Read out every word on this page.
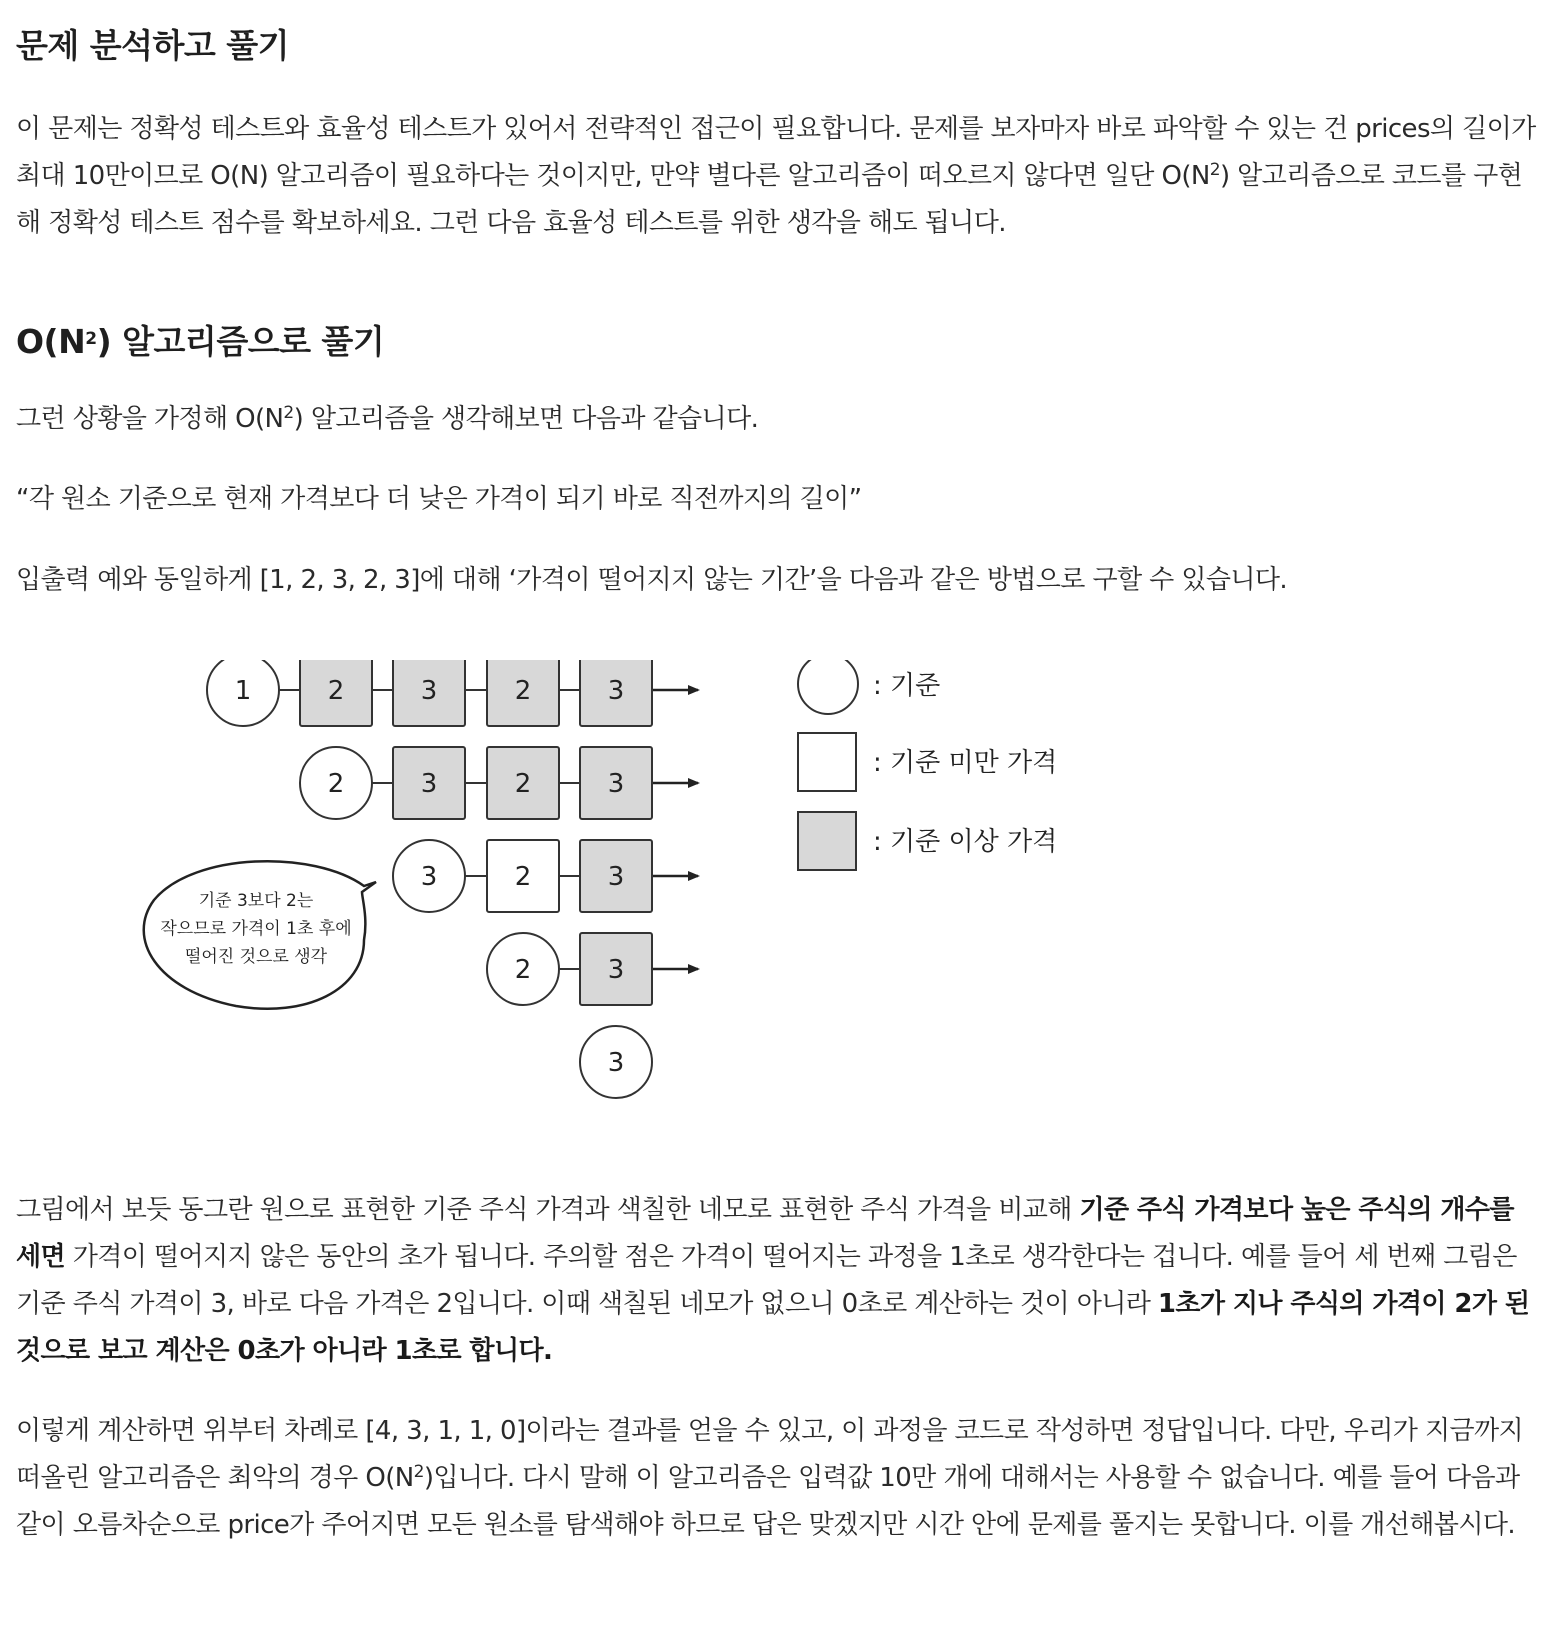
문제 분석하고 풀기

이 문제는 정확성 테스트와 효율성 테스트가 있어서 전략적인 접근이 필요합니다. 문제를 보자마자 바로 파악할 수 있는 건 prices의 길이가 최대 10만이므로 O(N) 알고리즘이 필요하다는 것이지만, 만약 별다른 알고리즘이 떠오르지 않다면 일단 $O(N^2)$ 알고리즘으로 코드를 구현해 정확성 테스트 점수를 확보하세요. 그런 다음 효율성 테스트를 위한 생각을 해도 됩니다.

$O(N^2)$ 알고리즘으로 풀기

그런 상황을 가정해 $O(N^2)$ 알고리즘을 생각해보면 다음과 같습니다.

“각 원소 기준으로 현재 가격보다 더 낮은 가격이 되기 바로 직전까지의 길이”

입출력 예와 동일하게 [1, 2, 3, 2, 3]에 대해 ‘가격이 떨어지지 않는 기간’을 다음과 같은 방법으로 구할 수 있습니다.

1	2	3	2	3
2	3	2	3
3	2	3
2	3
3
기준 3보다 2는
작으므로 가격이 1초 후에
떨어진 것으로 생각
: 기준
: 기준 미만 가격
: 기준 이상 가격

그림에서 보듯 동그란 원으로 표현한 기준 주식 가격과 색칠한 네모로 표현한 주식 가격을 비교해 기준 주식 가격보다 높은 주식의 개수를 세면 가격이 떨어지지 않은 동안의 초가 됩니다. 주의할 점은 가격이 떨어지는 과정을 1초로 생각한다는 겁니다. 예를 들어 세 번째 그림은 기준 주식 가격이 3, 바로 다음 가격은 2입니다. 이때 색칠된 네모가 없으니 0초로 계산하는 것이 아니라 1초가 지나 주식의 가격이 2가 된 것으로 보고 계산은 0초가 아니라 1초로 합니다.

이렇게 계산하면 위부터 차례로 [4, 3, 1, 1, 0]이라는 결과를 얻을 수 있고, 이 과정을 코드로 작성하면 정답입니다. 다만, 우리가 지금까지 떠올린 알고리즘은 최악의 경우 $O(N^2)$입니다. 다시 말해 이 알고리즘은 입력값 10만 개에 대해서는 사용할 수 없습니다. 예를 들어 다음과 같이 오름차순으로 price가 주어지면 모든 원소를 탐색해야 하므로 답은 맞겠지만 시간 안에 문제를 풀지는 못합니다. 이를 개선해봅시다.
